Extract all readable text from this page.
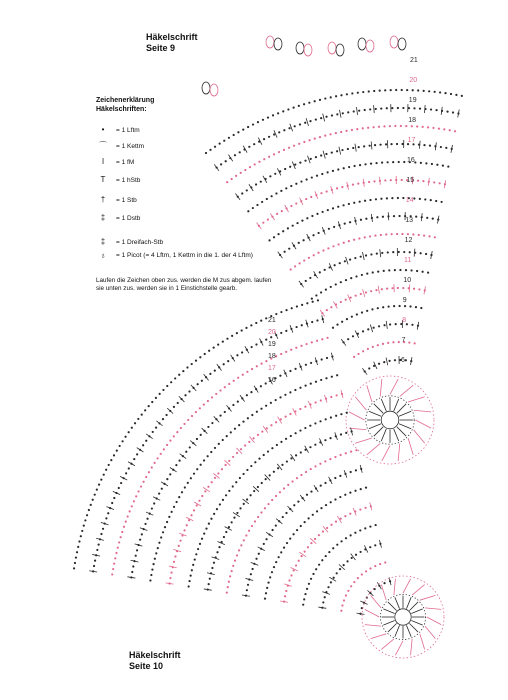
Häkelschrift
Seite 9
Häkelschrift
Seite 10
21
20
19
18
17
16
15
14
13
12
11
10
9
8
7
6
21
20
19
18
17
16
Zeichenerklärung
Häkelschriften:
•	= 1 Lftm
⌒	= 1 Kettm
ǀ	= 1 fM
T	= 1 hStb
†	= 1 Stb
‡	= 1 Dstb
‡	= 1 Dreifach-Stb
♁	= 1 Picot (= 4 Lftm, 1 Kettm in die 1. der 4 Lftm)
Laufen die Zeichen oben zus. werden die M zus abgem. laufen sie unten zus. werden sie in 1 Einstichstelle gearb.
